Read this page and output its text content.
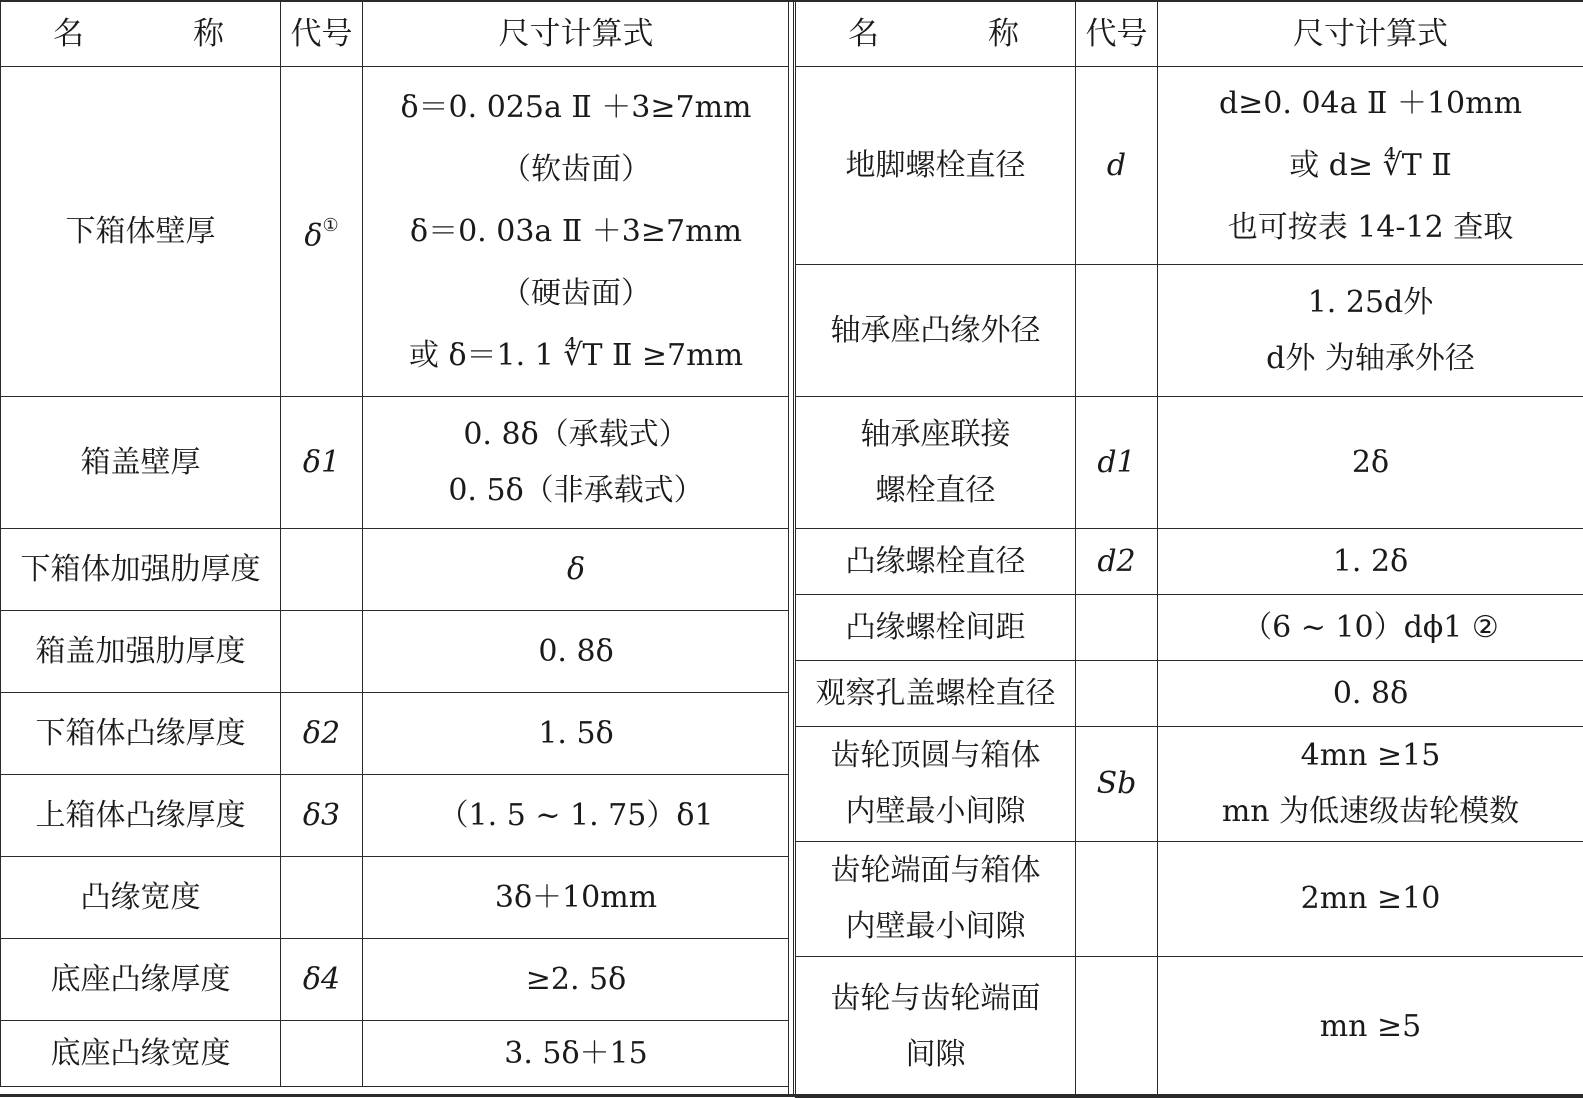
名 称	代号	尺寸计算式
下箱体壁厚	δ①	δ＝0. 025a Ⅱ ＋3≥7mm
（软齿面）
δ＝0. 03a Ⅱ ＋3≥7mm
（硬齿面）
或 δ＝1. 1 ∜T Ⅱ ≥7mm

箱盖壁厚	δ1	0. 8δ（承载式）
0. 5δ（非承载式）

下箱体加强肋厚度		δ
箱盖加强肋厚度		0. 8δ
下箱体凸缘厚度	δ2	1. 5δ
上箱体凸缘厚度	δ3	（1. 5 ~ 1. 75）δ1
凸缘宽度		3δ＋10mm
底座凸缘厚度	δ4	≥2. 5δ
底座凸缘宽度		3. 5δ＋15
名 称	代号	尺寸计算式
地脚螺栓直径	d	d≥0. 04a Ⅱ ＋10mm
或 d≥ ∜T Ⅱ
也可按表 14-12 查取

轴承座凸缘外径		1. 25d外
d外 为轴承外径

轴承座联接
螺栓直径	d1	2δ
凸缘螺栓直径	d2	1. 2δ
凸缘螺栓间距		（6 ~ 10）dϕ1 ②
观察孔盖螺栓直径		0. 8δ

齿轮顶圆与箱体
内壁最小间隙	Sb	4mn ≥15
mn 为低速级齿轮模数

齿轮端面与箱体
内壁最小间隙		2mn ≥10

齿轮与齿轮端面
间隙		mn ≥5
